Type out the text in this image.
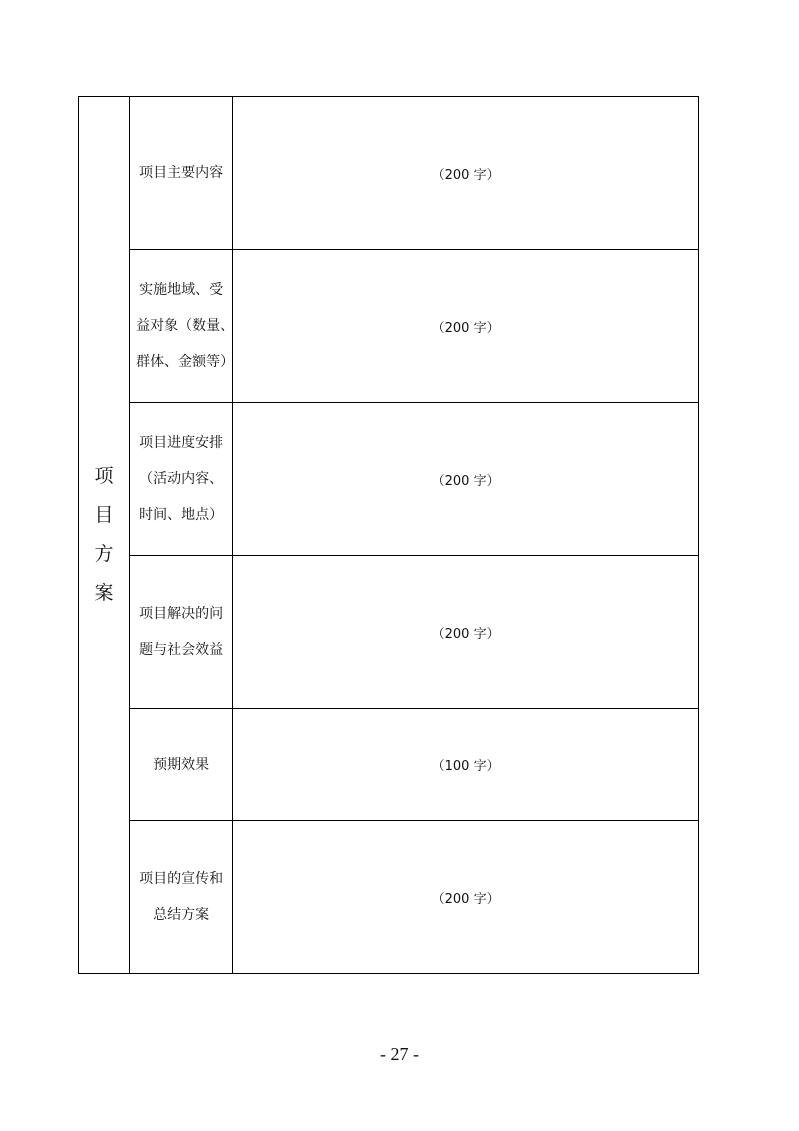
项
目
方
案	项目主要内容	（200 字）

	实施地域、受
益对象（数量、
群体、金额等）	（200 字）

	项目进度安排
（活动内容、
时间、地点）	（200 字）

	项目解决的问
题与社会效益	（200 字）

	预期效果	（100 字）

	项目的宣传和
总结方案	（200 字）
- 27 -
